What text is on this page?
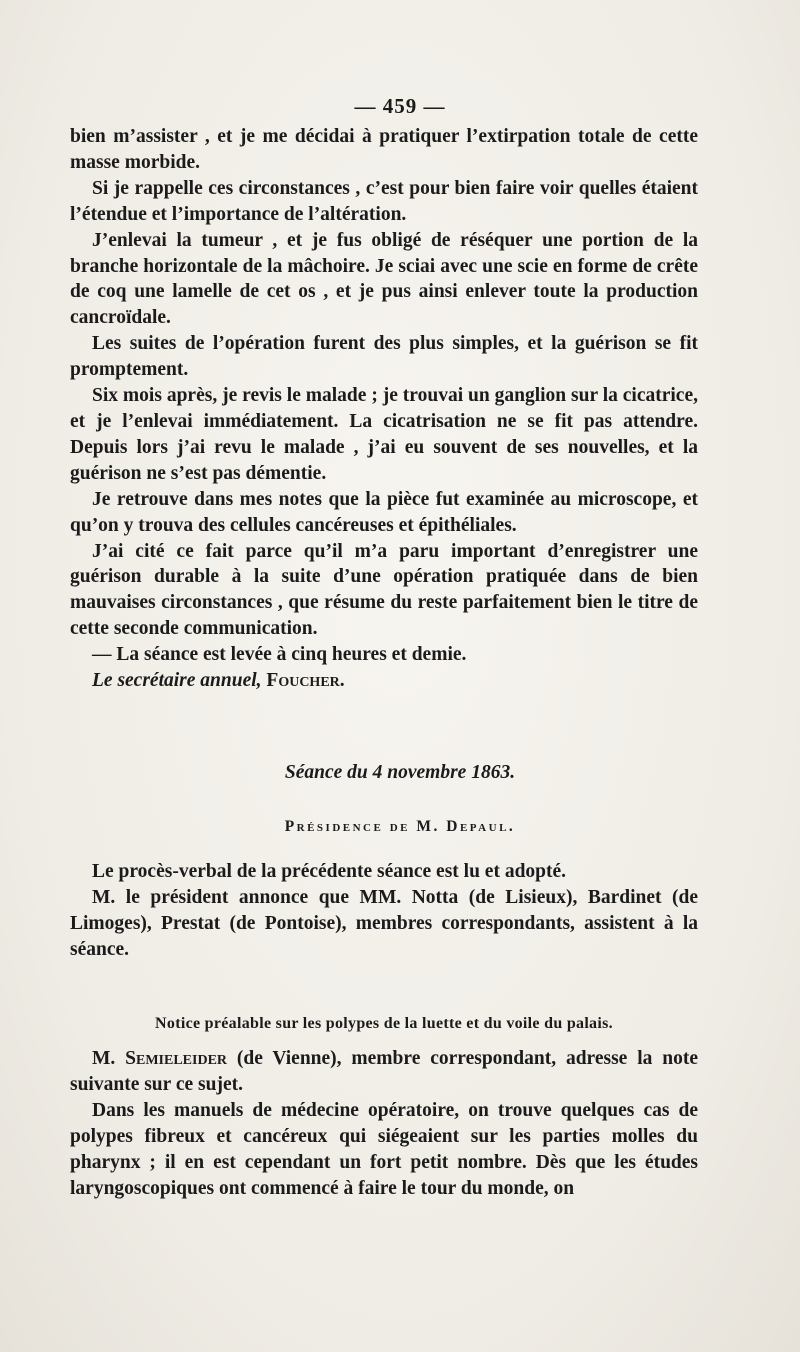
— 459 —

bien m’assister , et je me décidai à pratiquer l’extirpation totale de cette masse morbide.

Si je rappelle ces circonstances , c’est pour bien faire voir quelles étaient l’étendue et l’importance de l’altération.

J’enlevai la tumeur , et je fus obligé de réséquer une portion de la branche horizontale de la mâchoire. Je sciai avec une scie en forme de crête de coq une lamelle de cet os , et je pus ainsi enlever toute la production cancroïdale.

Les suites de l’opération furent des plus simples, et la guérison se fit promptement.

Six mois après, je revis le malade ; je trouvai un ganglion sur la cicatrice, et je l’enlevai immédiatement. La cicatrisation ne se fit pas attendre. Depuis lors j’ai revu le malade , j’ai eu souvent de ses nouvelles, et la guérison ne s’est pas démentie.

Je retrouve dans mes notes que la pièce fut examinée au microscope, et qu’on y trouva des cellules cancéreuses et épithéliales.

J’ai cité ce fait parce qu’il m’a paru important d’enregistrer une guérison durable à la suite d’une opération pratiquée dans de bien mauvaises circonstances , que résume du reste parfaitement bien le titre de cette seconde communication.

— La séance est levée à cinq heures et demie.

Le secrétaire annuel, Foucher.

Séance du 4 novembre 1863.
Présidence de M. Depaul.

Le procès-verbal de la précédente séance est lu et adopté.

M. le président annonce que MM. Notta (de Lisieux), Bardinet (de Limoges), Prestat (de Pontoise), membres correspondants, assistent à la séance.

Notice préalable sur les polypes de la luette et du voile du palais.

M. Semieleider (de Vienne), membre correspondant, adresse la note suivante sur ce sujet.

Dans les manuels de médecine opératoire, on trouve quelques cas de polypes fibreux et cancéreux qui siégeaient sur les parties molles du pharynx ; il en est cependant un fort petit nombre. Dès que les études laryngoscopiques ont commencé à faire le tour du monde, on
